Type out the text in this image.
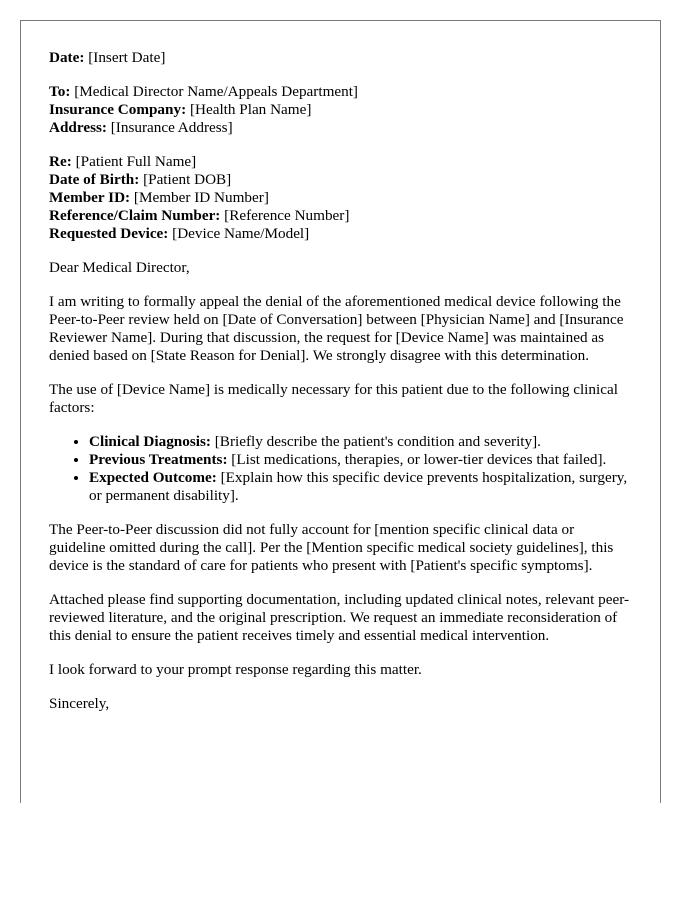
Date: [Insert Date]
To: [Medical Director Name/Appeals Department]
Insurance Company: [Health Plan Name]
Address: [Insurance Address]
Re: [Patient Full Name]
Date of Birth: [Patient DOB]
Member ID: [Member ID Number]
Reference/Claim Number: [Reference Number]
Requested Device: [Device Name/Model]

Dear Medical Director,

I am writing to formally appeal the denial of the aforementioned medical device following the Peer-to-Peer review held on [Date of Conversation] between [Physician Name] and [Insurance Reviewer Name]. During that discussion, the request for [Device Name] was maintained as denied based on [State Reason for Denial]. We strongly disagree with this determination.

The use of [Device Name] is medically necessary for this patient due to the following clinical factors:

• Clinical Diagnosis: [Briefly describe the patient's condition and severity].
• Previous Treatments: [List medications, therapies, or lower-tier devices that failed].
• Expected Outcome: [Explain how this specific device prevents hospitalization, surgery, or permanent disability].

The Peer-to-Peer discussion did not fully account for [mention specific clinical data or guideline omitted during the call]. Per the [Mention specific medical society guidelines], this device is the standard of care for patients who present with [Patient's specific symptoms].

Attached please find supporting documentation, including updated clinical notes, relevant peer-reviewed literature, and the original prescription. We request an immediate reconsideration of this denial to ensure the patient receives timely and essential medical intervention.

I look forward to your prompt response regarding this matter.

Sincerely,
